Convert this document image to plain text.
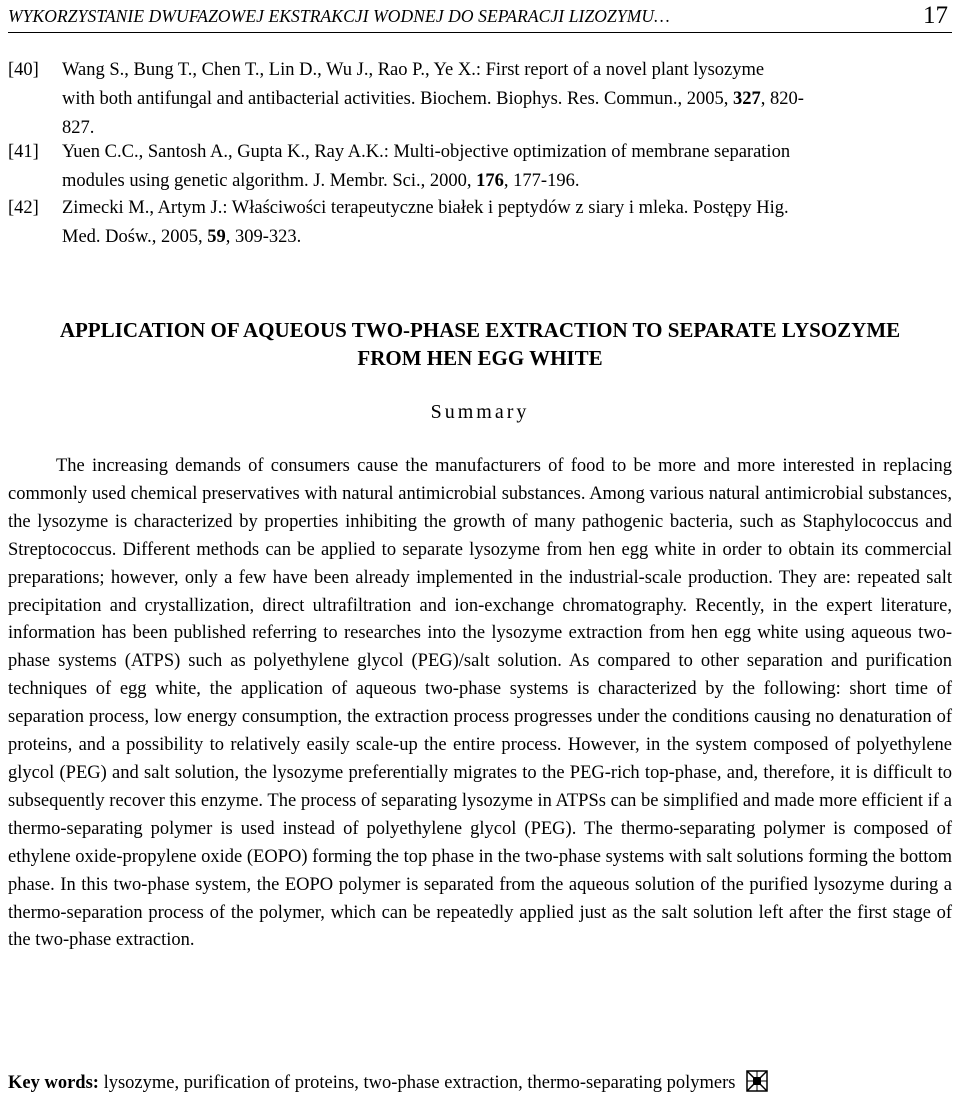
WYKORZYSTANIE DWUFAZOWEJ EKSTRAKCJI WODNEJ DO SEPARACJI LIZOZYMU…	17
[40] Wang S., Bung T., Chen T., Lin D., Wu J., Rao P., Ye X.: First report of a novel plant lysozyme
with both antifungal and antibacterial activities. Biochem. Biophys. Res. Commun., 2005, 327, 820-
827.
[41] Yuen C.C., Santosh A., Gupta K., Ray A.K.: Multi-objective optimization of membrane separation
modules using genetic algorithm. J. Membr. Sci., 2000, 176, 177-196.
[42] Zimecki M., Artym J.: Właściwości terapeutyczne białek i peptydów z siary i mleka. Postępy Hig.
Med. Dośw., 2005, 59, 309-323.
APPLICATION OF AQUEOUS TWO-PHASE EXTRACTION TO SEPARATE LYSOZYME
FROM HEN EGG WHITE
Summary

The increasing demands of consumers cause the manufacturers of food to be more and more interested in replacing commonly used chemical preservatives with natural antimicrobial substances. Among various natural antimicrobial substances, the lysozyme is characterized by properties inhibiting the growth of many pathogenic bacteria, such as Staphylococcus and Streptococcus. Different methods can be applied to separate lysozyme from hen egg white in order to obtain its commercial preparations; however, only a few have been already implemented in the industrial-scale production. They are: repeated salt precipitation and crystallization, direct ultrafiltration and ion-exchange chromatography. Recently, in the expert literature, information has been published referring to researches into the lysozyme extraction from hen egg white using aqueous two-phase systems (ATPS) such as polyethylene glycol (PEG)/salt solution. As compared to other separation and purification techniques of egg white, the application of aqueous two-phase systems is characterized by the following: short time of separation process, low energy consumption, the extraction process progresses under the conditions causing no denaturation of proteins, and a possibility to relatively easily scale-up the entire process. However, in the system composed of polyethylene glycol (PEG) and salt solution, the lysozyme preferentially migrates to the PEG-rich top-phase, and, therefore, it is difficult to subsequently recover this enzyme. The process of separating lysozyme in ATPSs can be simplified and made more efficient if a thermo-separating polymer is used instead of polyethylene glycol (PEG). The thermo-separating polymer is composed of ethylene oxide-propylene oxide (EOPO) forming the top phase in the two-phase systems with salt solutions forming the bottom phase. In this two-phase system, the EOPO polymer is separated from the aqueous solution of the purified lysozyme during a thermo-separation process of the polymer, which can be repeatedly applied just as the salt solution left after the first stage of the two-phase extraction.

Key words: lysozyme, purification of proteins, two-phase extraction, thermo-separating polymers
